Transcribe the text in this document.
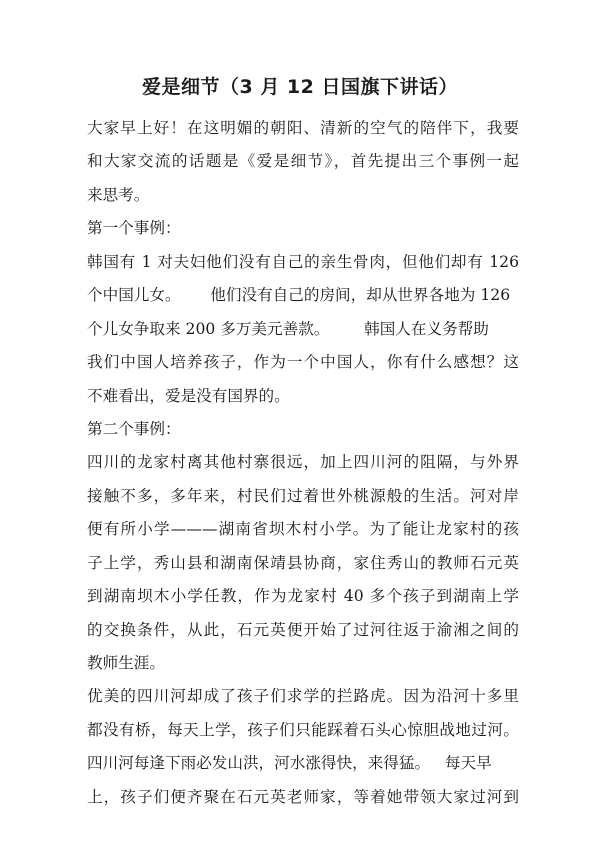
爱是细节（3 月 12 日国旗下讲话）
大家早上好！在这明媚的朝阳、清新的空气的陪伴下，我要
和大家交流的话题是《爱是细节》，首先提出三个事例一起
来思考。
第一个事例：
韩国有 1 对夫妇他们没有自己的亲生骨肉，但他们却有 126
个中国儿女。      他们没有自己的房间，却从世界各地为 126
个儿女争取来 200 多万美元善款。       韩国人在义务帮助
我们中国人培养孩子，作为一个中国人，你有什么感想？这
不难看出，爱是没有国界的。
第二个事例：
四川的龙家村离其他村寨很远，加上四川河的阻隔，与外界
接触不多，多年来，村民们过着世外桃源般的生活。河对岸
便有所小学———湖南省坝木村小学。为了能让龙家村的孩
子上学，秀山县和湖南保靖县协商，家住秀山的教师石元英
到湖南坝木小学任教，作为龙家村 40 多个孩子到湖南上学
的交换条件，从此，石元英便开始了过河往返于渝湘之间的
教师生涯。
优美的四川河却成了孩子们求学的拦路虎。因为沿河十多里
都没有桥，每天上学，孩子们只能踩着石头心惊胆战地过河。
四川河每逢下雨必发山洪，河水涨得快，来得猛。   每天早
上，孩子们便齐聚在石元英老师家，等着她带领大家过河到
